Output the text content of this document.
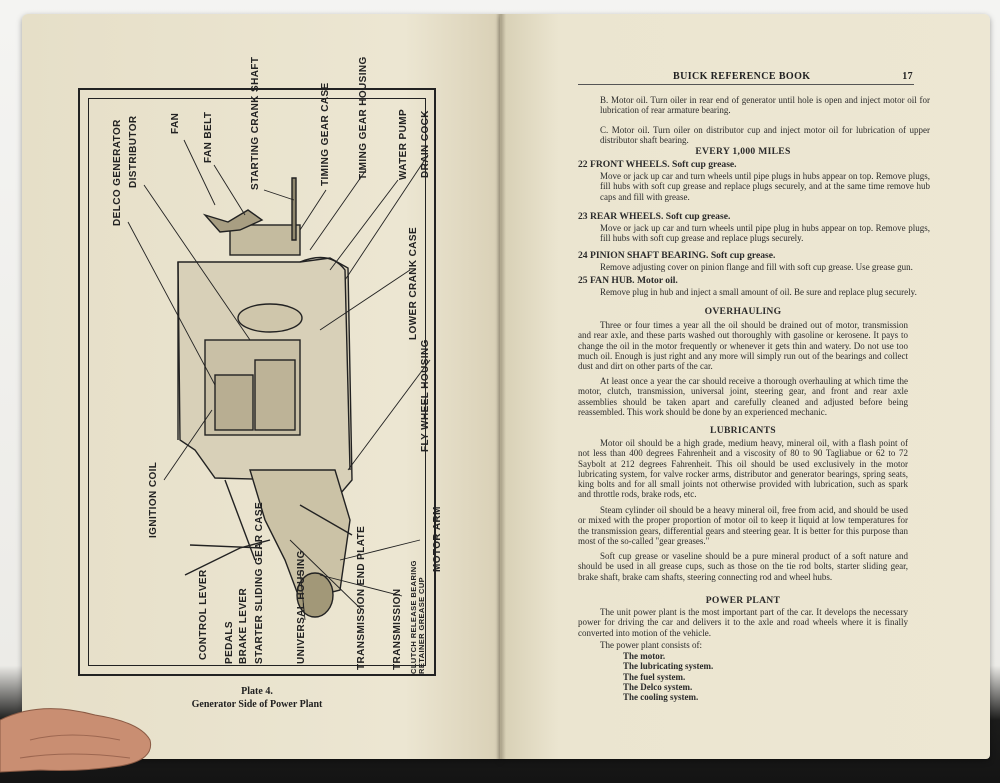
DELCO GENERATOR DISTRIBUTOR	FAN FAN BELT	STARTING CRANK SHAFT	TIMING GEAR CASE	TIMING GEAR HOUSING	WATER PUMP DRAIN COCK
LOWER CRANK CASE
FLY WHEEL HOUSING
IGNITION COIL
MOTOR ARM
CONTROL LEVER PEDALS BRAKE LEVER STARTER SLIDING GEAR CASE	UNIVERSAL HOUSING	TRANSMISSION END PLATE	TRANSMISSION CLUTCH RELEASE BEARING RETAINER GREASE CUP
Plate 4.
Generator Side of Power Plant
BUICK REFERENCE BOOK	17
B. Motor oil. Turn oiler in rear end of generator until hole is open and inject motor oil for lubrication of rear armature bearing.
C. Motor oil. Turn oiler on distributor cup and inject motor oil for lubrication of upper distributor shaft bearing.
EVERY 1,000 MILES
22 FRONT WHEELS. Soft cup grease.
Move or jack up car and turn wheels until pipe plugs in hubs appear on top. Remove plugs, fill hubs with soft cup grease and replace plugs securely, and at the same time remove hub caps and fill with grease.
23 REAR WHEELS. Soft cup grease.
Move or jack up car and turn wheels until pipe plug in hubs appear on top. Remove plugs, fill hubs with soft cup grease and replace plugs securely.
24 PINION SHAFT BEARING. Soft cup grease.
Remove adjusting cover on pinion flange and fill with soft cup grease. Use grease gun.
25 FAN HUB. Motor oil.
Remove plug in hub and inject a small amount of oil. Be sure and replace plug securely.
OVERHAULING
Three or four times a year all the oil should be drained out of motor, transmission and rear axle, and these parts washed out thoroughly with gasoline or kerosene. It pays to change the oil in the motor frequently or whenever it gets thin and watery. Do not use too much oil. Enough is just right and any more will simply run out of the bearings and collect dust and dirt on other parts of the car.
At least once a year the car should receive a thorough overhauling at which time the motor, clutch, transmission, universal joint, steering gear, and front and rear axle assemblies should be taken apart and carefully cleaned and adjusted before being reassembled. This work should be done by an experienced mechanic.
LUBRICANTS
Motor oil should be a high grade, medium heavy, mineral oil, with a flash point of not less than 400 degrees Fahrenheit and a viscosity of 80 to 90 Tagliabue or 62 to 72 Saybolt at 212 degrees Fahrenheit. This oil should be used exclusively in the motor lubricating system, for valve rocker arms, distributor and generator bearings, spring seats, king bolts and for all small joints not otherwise provided with lubrication, such as spark and throttle rods, brake rods, etc.
Steam cylinder oil should be a heavy mineral oil, free from acid, and should be used or mixed with the proper proportion of motor oil to keep it liquid at low temperatures for the transmission gears, differential gears and steering gear. It is better for this purpose than most of the so-called "gear greases."
Soft cup grease or vaseline should be a pure mineral product of a soft nature and should be used in all grease cups, such as those on the tie rod bolts, starter sliding gear, brake shaft, brake cam shafts, steering connecting rod and wheel hubs.
POWER PLANT
The unit power plant is the most important part of the car. It develops the necessary power for driving the car and delivers it to the axle and road wheels where it is finally converted into motion of the vehicle.
The power plant consists of:
The motor.
The lubricating system.
The fuel system.
The Delco system.
The cooling system.
